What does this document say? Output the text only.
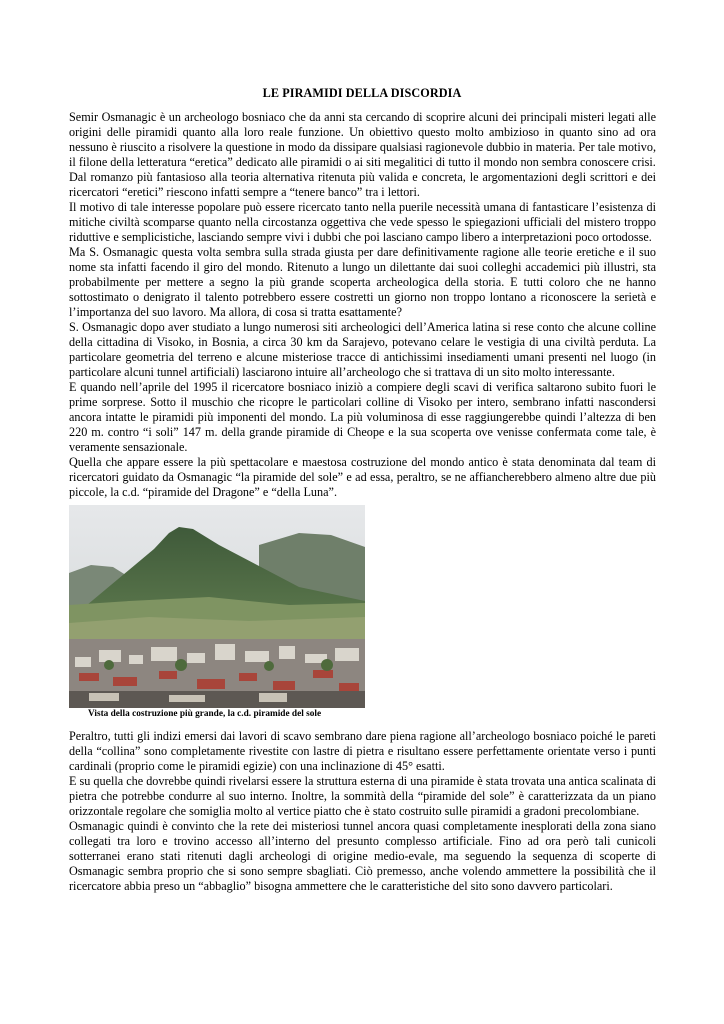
LE PIRAMIDI DELLA DISCORDIA

Semir Osmanagic è un archeologo bosniaco che da anni sta cercando di scoprire alcuni dei principali misteri legati alle origini delle piramidi quanto alla loro reale funzione. Un obiettivo questo molto ambizioso in quanto sino ad ora nessuno è riuscito a risolvere la questione in modo da dissipare qualsiasi ragionevole dubbio in materia. Per tale motivo, il filone della letteratura “eretica” dedicato alle piramidi o ai siti megalitici di tutto il mondo non sembra conoscere crisi.

Dal romanzo più fantasioso alla teoria alternativa ritenuta più valida e concreta, le argomentazioni degli scrittori e dei ricercatori “eretici” riescono infatti sempre a “tenere banco” tra i lettori.

Il motivo di tale interesse popolare può essere ricercato tanto nella puerile necessità umana di fantasticare l’esistenza di mitiche civiltà scomparse quanto nella circostanza oggettiva che vede spesso le spiegazioni ufficiali del mistero troppo riduttive e semplicistiche, lasciando sempre vivi i dubbi che poi lasciano campo libero a interpretazioni poco ortodosse.

Ma S. Osmanagic questa volta sembra sulla strada giusta per dare definitivamente ragione alle teorie eretiche e il suo nome sta infatti facendo il giro del mondo. Ritenuto a lungo un dilettante dai suoi colleghi accademici più illustri, sta probabilmente per mettere a segno la più grande scoperta archeologica della storia. E tutti coloro che ne hanno sottostimato o denigrato il talento potrebbero essere costretti un giorno non troppo lontano a riconoscere la serietà e l’importanza del suo lavoro. Ma allora, di cosa si tratta esattamente?

S. Osmanagic dopo aver studiato a lungo numerosi siti archeologici dell’America latina si rese conto che alcune colline della cittadina di Visoko, in Bosnia, a circa 30 km da Sarajevo, potevano celare le vestigia di una civiltà perduta. La particolare geometria del terreno e alcune misteriose tracce di antichissimi insediamenti umani presenti nel luogo (in particolare alcuni tunnel artificiali) lasciarono intuire all’archeologo che si trattava di un sito molto interessante.

E quando nell’aprile del 1995 il ricercatore bosniaco iniziò a compiere degli scavi di verifica saltarono subito fuori le prime sorprese. Sotto il muschio che ricopre le particolari colline di Visoko per intero, sembrano infatti nascondersi ancora intatte le piramidi più imponenti del mondo. La più voluminosa di esse raggiungerebbe quindi l’altezza di ben 220 m. contro “i soli” 147 m. della grande piramide di Cheope e la sua scoperta ove venisse confermata come tale, è veramente sensazionale.

Quella che appare essere la più spettacolare e maestosa costruzione del mondo antico è stata denominata dal team di ricercatori guidato da Osmanagic “la piramide del sole” e ad essa, peraltro, se ne affiancherebbero almeno altre due più piccole, la c.d. “piramide del Dragone” e “della Luna”.

Vista della costruzione più grande, la c.d. piramide del sole

Peraltro, tutti gli indizi emersi dai lavori di scavo sembrano dare piena ragione all’archeologo bosniaco poiché le pareti della “collina” sono completamente rivestite con lastre di pietra e risultano essere perfettamente orientate verso i punti cardinali (proprio come le piramidi egizie) con una inclinazione di 45° esatti.

E su quella che dovrebbe quindi rivelarsi essere la struttura esterna di una piramide è stata trovata una antica scalinata di pietra che potrebbe condurre al suo interno. Inoltre, la sommità della “piramide del sole” è caratterizzata da un piano orizzontale regolare che somiglia molto al vertice piatto che è stato costruito sulle piramidi a gradoni precolombiane.

Osmanagic quindi è convinto che la rete dei misteriosi tunnel ancora quasi completamente inesplorati della zona siano collegati tra loro e trovino accesso all’interno del presunto complesso artificiale. Fino ad ora però tali cunicoli sotterranei erano stati ritenuti dagli archeologi di origine medio-evale, ma seguendo la sequenza di scoperte di Osmanagic sembra proprio che si sono sempre sbagliati. Ciò premesso, anche volendo ammettere la possibilità che il ricercatore abbia preso un “abbaglio” bisogna ammettere che le caratteristiche del sito sono davvero particolari.
